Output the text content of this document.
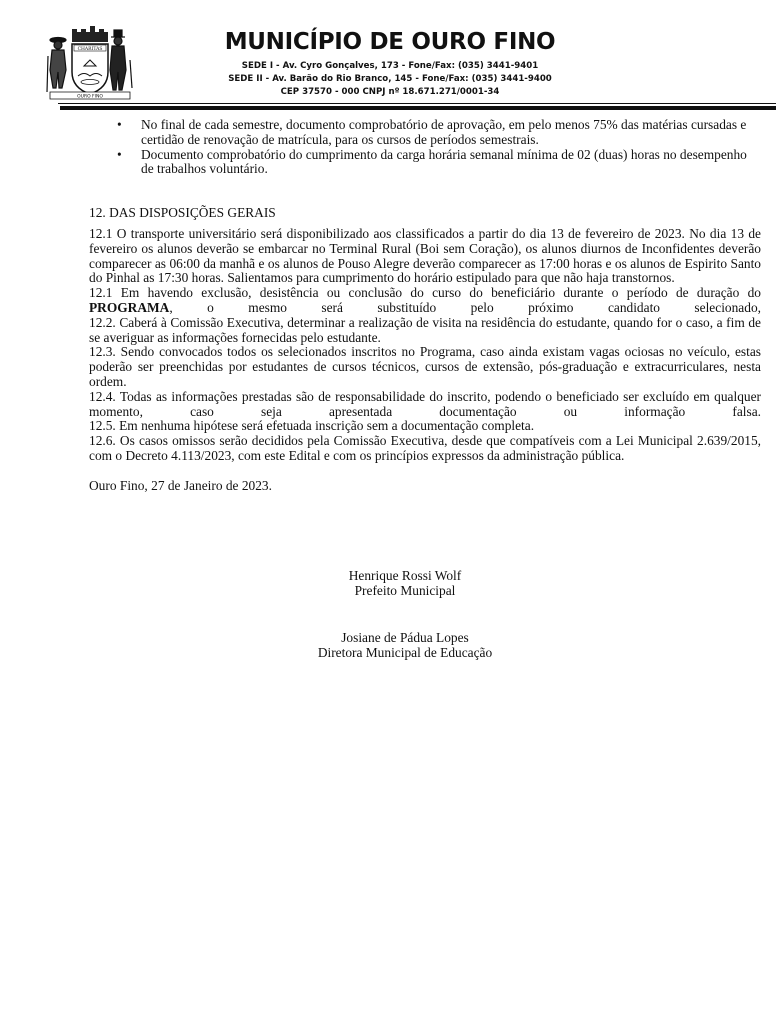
CHARITAS
OURO FINO
MUNICÍPIO DE OURO FINO
SEDE I - Av. Cyro Gonçalves, 173 - Fone/Fax: (035) 3441-9401
SEDE II - Av. Barão do Rio Branco, 145 - Fone/Fax: (035) 3441-9400
CEP 37570 - 000 CNPJ nº 18.671.271/0001-34
• No final de cada semestre, documento comprobatório de aprovação, em pelo menos 75% das matérias cursadas e certidão de renovação de matrícula, para os cursos de períodos semestrais.
• Documento comprobatório do cumprimento da carga horária semanal mínima de 02 (duas) horas no desempenho de trabalhos voluntário.
12. DAS DISPOSIÇÕES GERAIS

12.1 O transporte universitário será disponibilizado aos classificados a partir do dia 13 de fevereiro de 2023. No dia 13 de fevereiro os alunos deverão se embarcar no Terminal Rural (Boi sem Coração), os alunos diurnos de Inconfidentes deverão comparecer as 06:00 da manhã e os alunos de Pouso Alegre deverão comparecer as 17:00 horas e os alunos de Espirito Santo do Pinhal as 17:30 horas. Salientamos para cumprimento do horário estipulado para que não haja transtornos.

12.1 Em havendo exclusão, desistência ou conclusão do curso do beneficiário durante o período de duração do PROGRAMA, o mesmo será substituído pelo próximo candidato selecionado,

12.2. Caberá à Comissão Executiva, determinar a realização de visita na residência do estudante, quando for o caso, a fim de se averiguar as informações fornecidas pelo estudante.

12.3. Sendo convocados todos os selecionados inscritos no Programa, caso ainda existam vagas ociosas no veículo, estas poderão ser preenchidas por estudantes de cursos técnicos, cursos de extensão, pós-graduação e extracurriculares, nesta ordem.

12.4. Todas as informações prestadas são de responsabilidade do inscrito, podendo o beneficiado ser excluído em qualquer momento, caso seja apresentada documentação ou informação falsa.

12.5. Em nenhuma hipótese será efetuada inscrição sem a documentação completa.

12.6. Os casos omissos serão decididos pela Comissão Executiva, desde que compatíveis com a Lei Municipal 2.639/2015, com o Decreto 4.113/2023, com este Edital e com os princípios expressos da administração pública.

Ouro Fino, 27 de Janeiro de 2023.
Henrique Rossi Wolf
Prefeito Municipal
Josiane de Pádua Lopes
Diretora Municipal de Educação
